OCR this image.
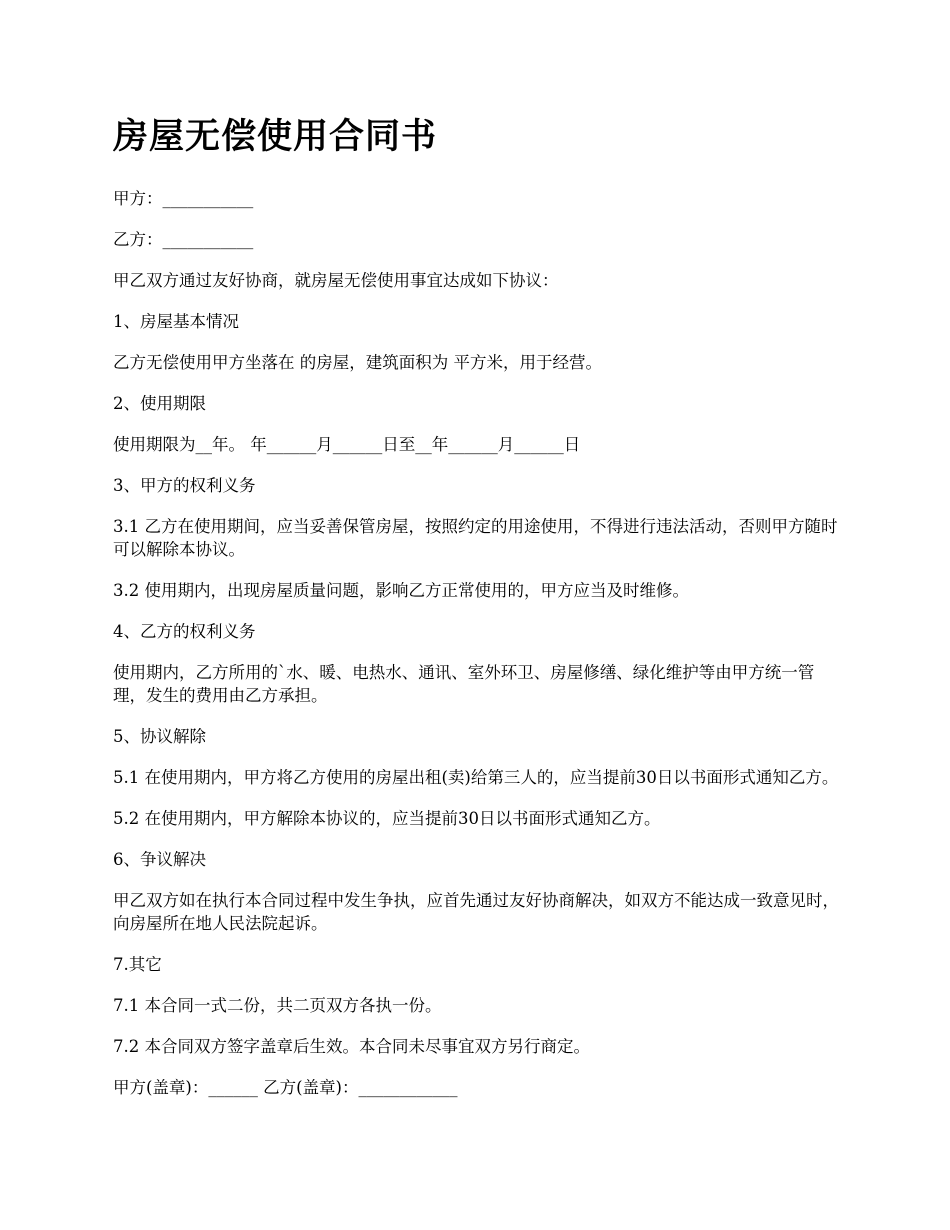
房屋无偿使用合同书

甲方：___________

乙方：___________

甲乙双方通过友好协商，就房屋无偿使用事宜达成如下协议：

1、房屋基本情况

乙方无偿使用甲方坐落在 的房屋，建筑面积为 平方米，用于经营。

2、使用期限

使用期限为__年。 年______月______日至__年______月______日

3、甲方的权利义务

3.1 乙方在使用期间，应当妥善保管房屋，按照约定的用途使用，不得进行违法活动，否则甲方随时可以解除本协议。

3.2 使用期内，出现房屋质量问题，影响乙方正常使用的，甲方应当及时维修。

4、乙方的权利义务

使用期内，乙方所用的`水、暖、电热水、通讯、室外环卫、房屋修缮、绿化维护等由甲方统一管理，发生的费用由乙方承担。

5、协议解除

5.1 在使用期内，甲方将乙方使用的房屋出租(卖)给第三人的，应当提前30日以书面形式通知乙方。

5.2 在使用期内，甲方解除本协议的，应当提前30日以书面形式通知乙方。

6、争议解决

甲乙双方如在执行本合同过程中发生争执，应首先通过友好协商解决，如双方不能达成一致意见时，向房屋所在地人民法院起诉。

7.其它

7.1 本合同一式二份，共二页双方各执一份。

7.2 本合同双方签字盖章后生效。本合同未尽事宜双方另行商定。

甲方(盖章)：______ 乙方(盖章)：____________
